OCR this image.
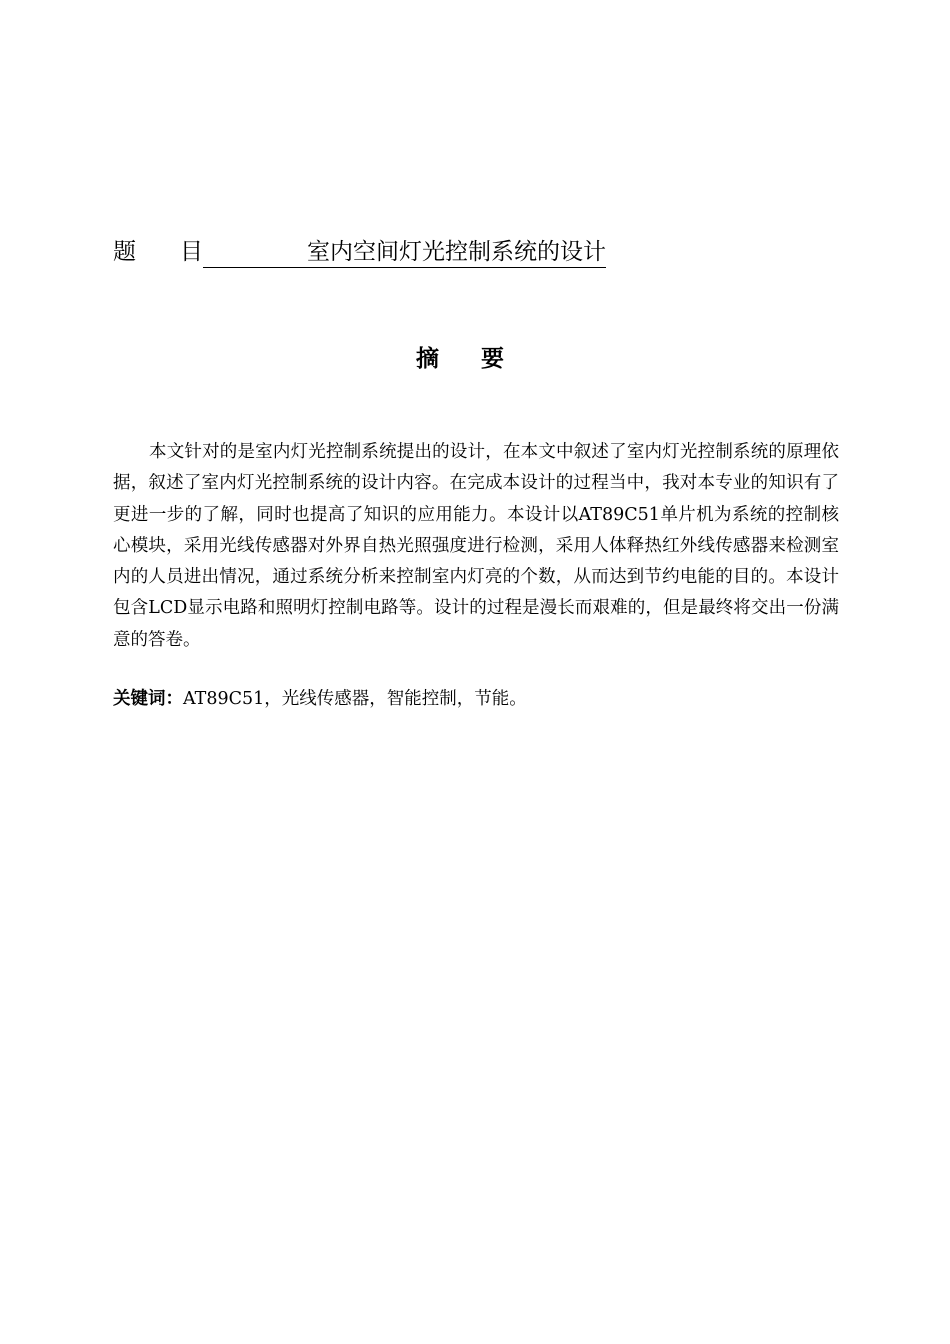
题 目	室内空间灯光控制系统的设计
摘 要
本文针对的是室内灯光控制系统提出的设计，在本文中叙述了室内灯光控制系统的原理依据，叙述了室内灯光控制系统的设计内容。在完成本设计的过程当中，我对本专业的知识有了更进一步的了解，同时也提高了知识的应用能力。本设计以AT89C51单片机为系统的控制核心模块，采用光线传感器对外界自热光照强度进行检测，采用人体释热红外线传感器来检测室内的人员进出情况，通过系统分析来控制室内灯亮的个数，从而达到节约电能的目的。本设计包含LCD显示电路和照明灯控制电路等。设计的过程是漫长而艰难的，但是最终将交出一份满意的答卷。
关键词：AT89C51，光线传感器，智能控制，节能。
